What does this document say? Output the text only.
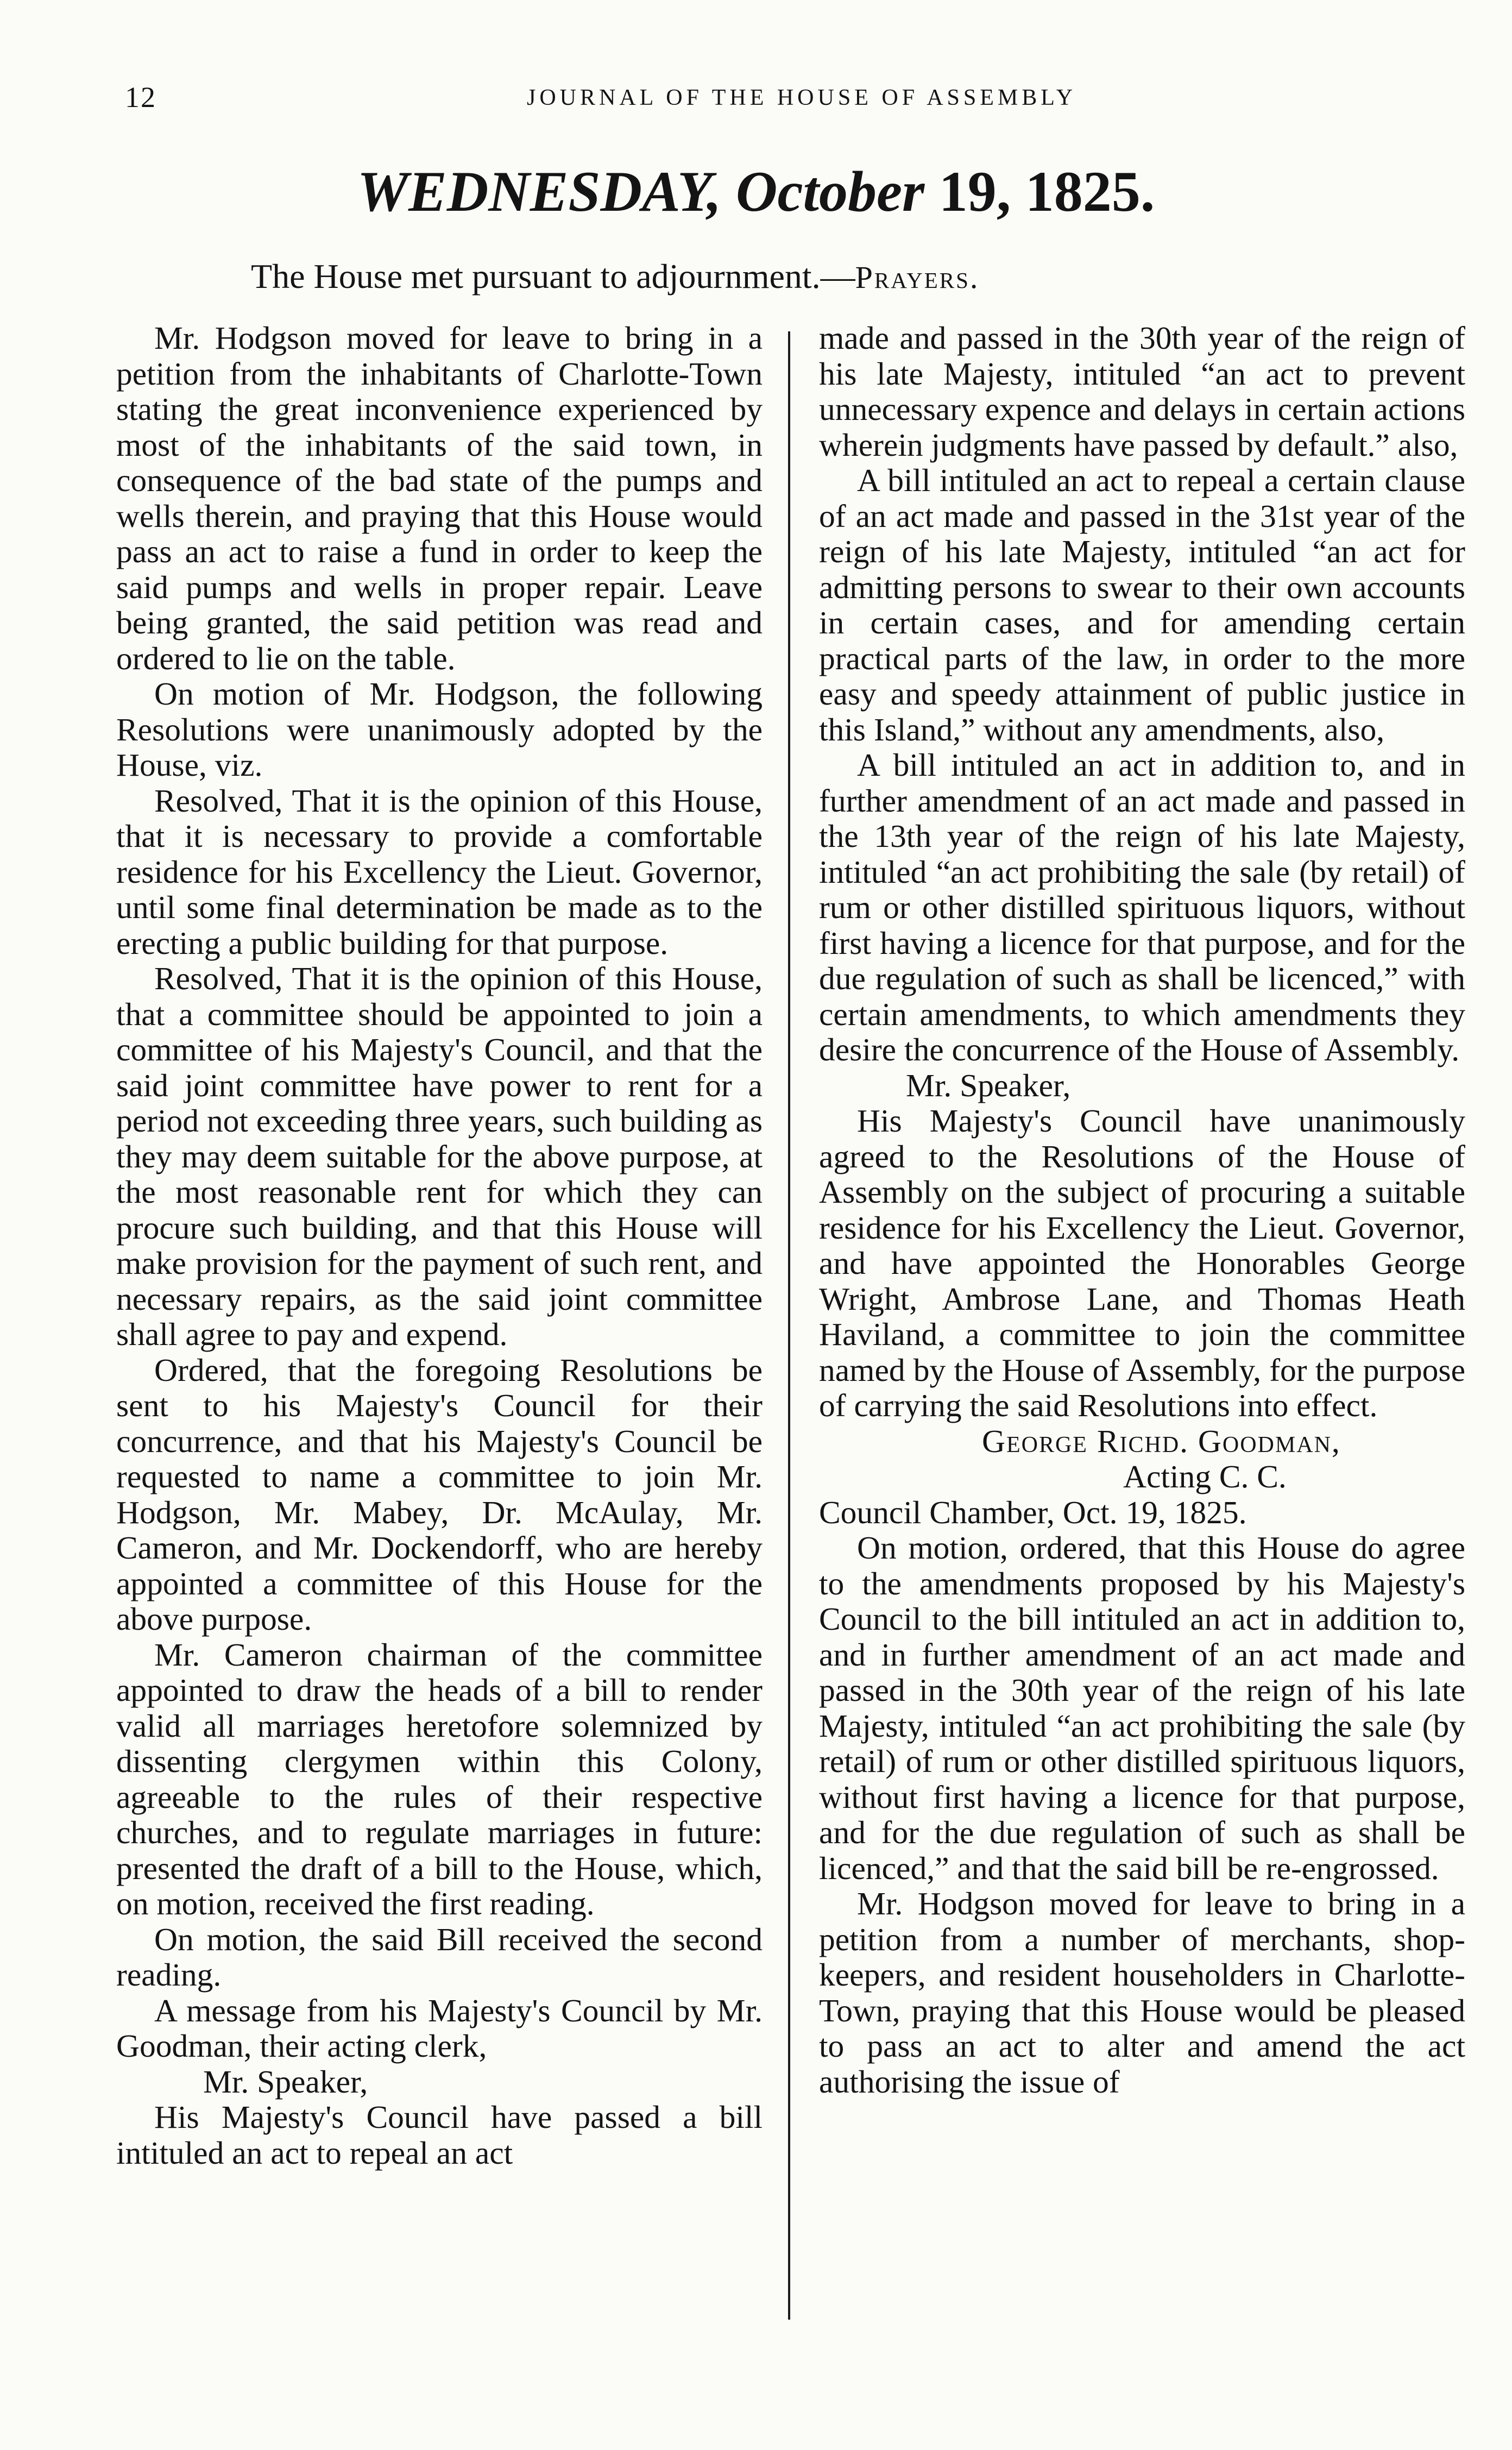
12	JOURNAL OF THE HOUSE OF ASSEMBLY
WEDNESDAY, October 19, 1825.
The House met pursuant to adjournment.—Prayers.

Mr. Hodgson moved for leave to bring in a petition from the inhabitants of Charlotte-Town stating the great inconvenience experienced by most of the inhabitants of the said town, in consequence of the bad state of the pumps and wells therein, and praying that this House would pass an act to raise a fund in order to keep the said pumps and wells in proper repair. Leave being granted, the said petition was read and ordered to lie on the table.

On motion of Mr. Hodgson, the following Resolutions were unanimously adopted by the House, viz.

Resolved, That it is the opinion of this House, that it is necessary to provide a comfortable residence for his Excellency the Lieut. Governor, until some final determination be made as to the erecting a public building for that purpose.

Resolved, That it is the opinion of this House, that a committee should be appointed to join a committee of his Majesty's Council, and that the said joint committee have power to rent for a period not exceeding three years, such building as they may deem suitable for the above purpose, at the most reasonable rent for which they can procure such building, and that this House will make provision for the payment of such rent, and necessary repairs, as the said joint committee shall agree to pay and expend.

Ordered, that the foregoing Resolutions be sent to his Majesty's Council for their concurrence, and that his Majesty's Council be requested to name a committee to join Mr. Hodgson, Mr. Mabey, Dr. McAulay, Mr. Cameron, and Mr. Dockendorff, who are hereby appointed a committee of this House for the above purpose.

Mr. Cameron chairman of the committee appointed to draw the heads of a bill to render valid all marriages heretofore solemnized by dissenting clergymen within this Colony, agreeable to the rules of their respective churches, and to regulate marriages in future: presented the draft of a bill to the House, which, on motion, received the first reading.

On motion, the said Bill received the second reading.

A message from his Majesty's Council by Mr. Goodman, their acting clerk,

Mr. Speaker,

His Majesty's Council have passed a bill intituled an act to repeal an act

made and passed in the 30th year of the reign of his late Majesty, intituled “an act to prevent unnecessary expence and delays in certain actions wherein judgments have passed by default.” also,

A bill intituled an act to repeal a certain clause of an act made and passed in the 31st year of the reign of his late Majesty, intituled “an act for admitting persons to swear to their own accounts in certain cases, and for amending certain practical parts of the law, in order to the more easy and speedy attainment of public justice in this Island,” without any amendments, also,

A bill intituled an act in addition to, and in further amendment of an act made and passed in the 13th year of the reign of his late Majesty, intituled “an act prohibiting the sale (by retail) of rum or other distilled spirituous liquors, without first having a licence for that purpose, and for the due regulation of such as shall be licenced,” with certain amendments, to which amendments they desire the concurrence of the House of Assembly.

Mr. Speaker,

His Majesty's Council have unanimously agreed to the Resolutions of the House of Assembly on the subject of procuring a suitable residence for his Excellency the Lieut. Governor, and have appointed the Honorables George Wright, Ambrose Lane, and Thomas Heath Haviland, a committee to join the committee named by the House of Assembly, for the purpose of carrying the said Resolutions into effect.

George Richd. Goodman,

Acting C. C.

Council Chamber, Oct. 19, 1825.

On motion, ordered, that this House do agree to the amendments proposed by his Majesty's Council to the bill intituled an act in addition to, and in further amendment of an act made and passed in the 30th year of the reign of his late Majesty, intituled “an act prohibiting the sale (by retail) of rum or other distilled spirituous liquors, without first having a licence for that purpose, and for the due regulation of such as shall be licenced,” and that the said bill be re-engrossed.

Mr. Hodgson moved for leave to bring in a petition from a number of merchants, shop-keepers, and resident householders in Charlotte-Town, praying that this House would be pleased to pass an act to alter and amend the act authorising the issue of
